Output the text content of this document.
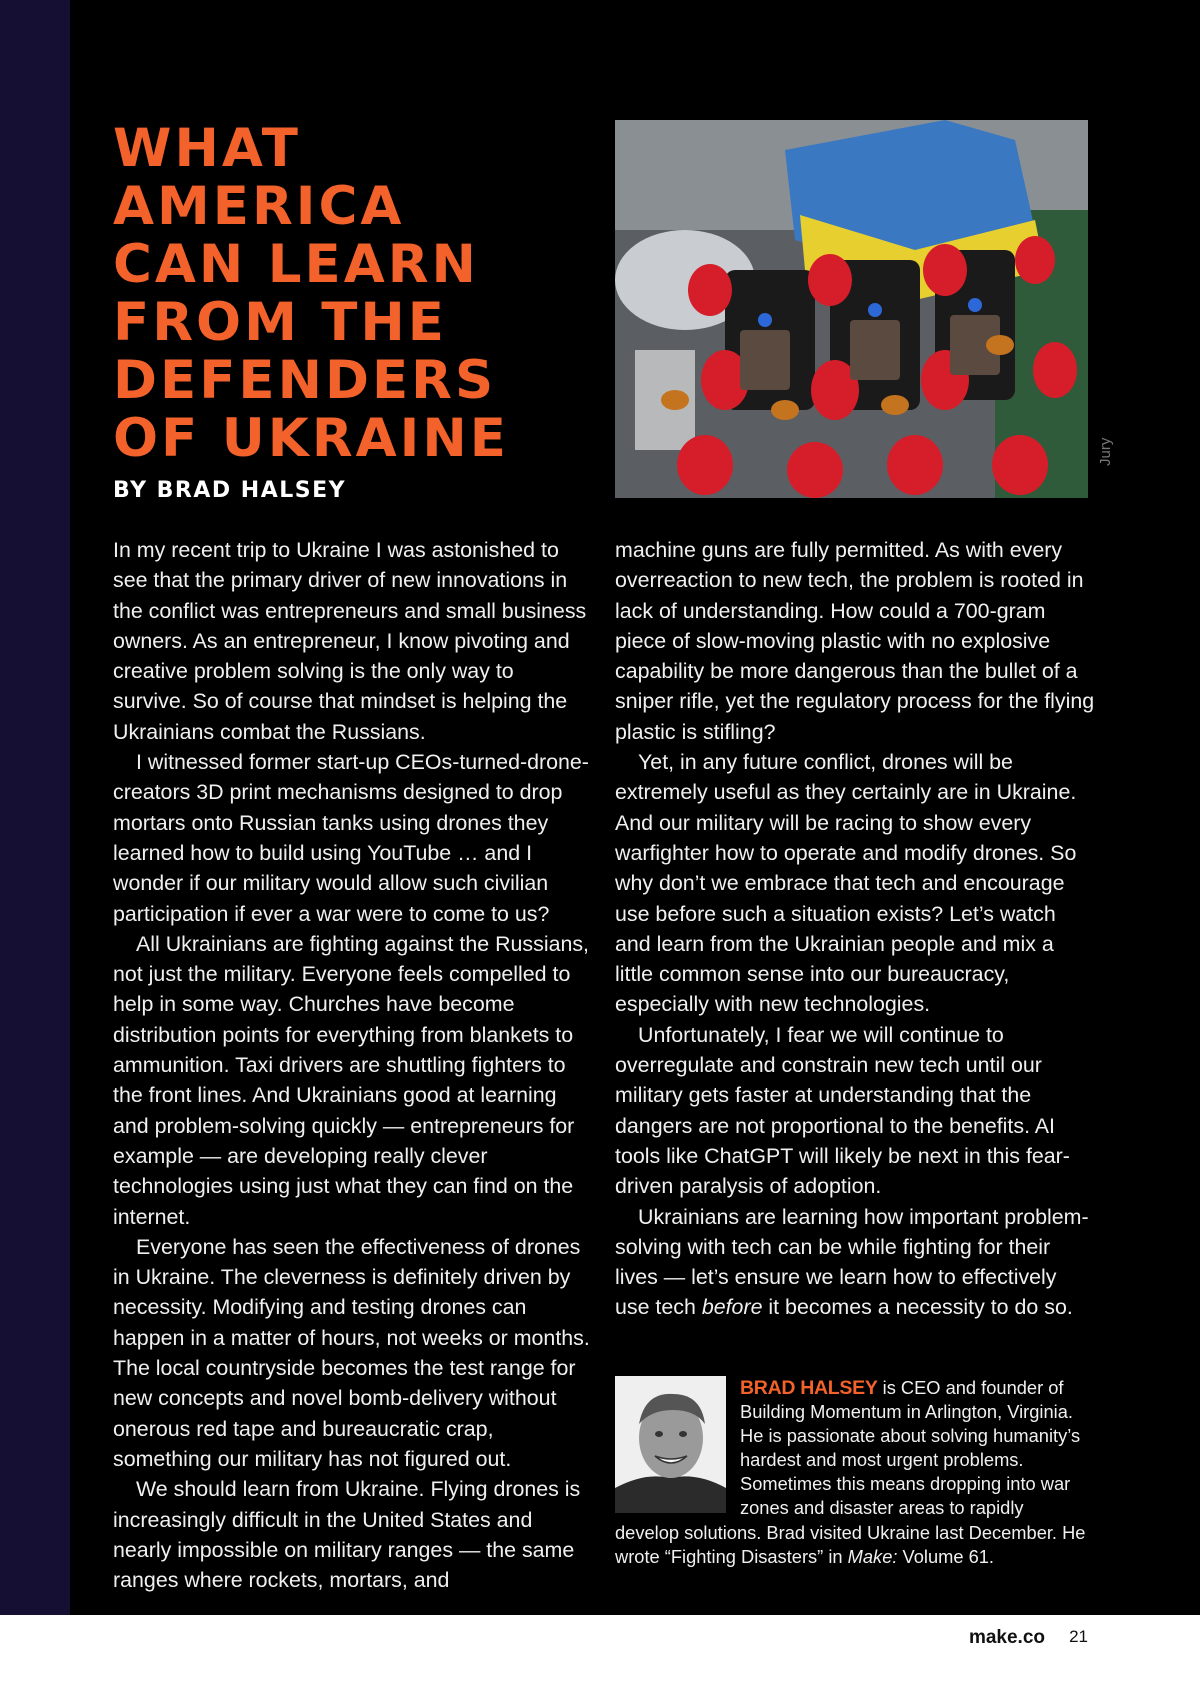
WHAT
AMERICA
CAN LEARN
FROM THE
DEFENDERS
OF UKRAINE
BY BRAD HALSEY
Jury

In my recent trip to Ukraine I was astonished to see that the primary driver of new innovations in the conflict was entrepreneurs and small business owners. As an entrepreneur, I know pivoting and creative problem solving is the only way to survive. So of course that mindset is helping the Ukrainians combat the Russians.

I witnessed former start-up CEOs-turned-drone-creators 3D print mechanisms designed to drop mortars onto Russian tanks using drones they learned how to build using YouTube … and I wonder if our military would allow such civilian participation if ever a war were to come to us?

All Ukrainians are fighting against the Russians, not just the military. Everyone feels compelled to help in some way. Churches have become distribution points for everything from blankets to ammunition. Taxi drivers are shuttling fighters to the front lines. And Ukrainians good at learning and problem-solving quickly — entrepreneurs for example — are developing really clever technologies using just what they can find on the internet.

Everyone has seen the effectiveness of drones in Ukraine. The cleverness is definitely driven by necessity. Modifying and testing drones can happen in a matter of hours, not weeks or months. The local countryside becomes the test range for new concepts and novel bomb-delivery without onerous red tape and bureaucratic crap, something our military has not figured out.

We should learn from Ukraine. Flying drones is increasingly difficult in the United States and nearly impossible on military ranges — the same ranges where rockets, mortars, and

machine guns are fully permitted. As with every overreaction to new tech, the problem is rooted in lack of understanding. How could a 700-gram piece of slow-moving plastic with no explosive capability be more dangerous than the bullet of a sniper rifle, yet the regulatory process for the flying plastic is stifling?

Yet, in any future conflict, drones will be extremely useful as they certainly are in Ukraine. And our military will be racing to show every warfighter how to operate and modify drones. So why don’t we embrace that tech and encourage use before such a situation exists? Let’s watch and learn from the Ukrainian people and mix a little common sense into our bureaucracy, especially with new technologies.

Unfortunately, I fear we will continue to overregulate and constrain new tech until our military gets faster at understanding that the dangers are not proportional to the benefits. AI tools like ChatGPT will likely be next in this fear-driven paralysis of adoption.

Ukrainians are learning how important problem-solving with tech can be while fighting for their lives — let’s ensure we learn how to effectively use tech before it becomes a necessity to do so.

BRAD HALSEY is CEO and founder of Building Momentum in Arlington, Virginia. He is passionate about solving humanity’s hardest and most urgent problems. Sometimes this means dropping into war zones and disaster areas to rapidly develop solutions. Brad visited Ukraine last December. He wrote “Fighting Disasters” in Make: Volume 61.
make.co 21
